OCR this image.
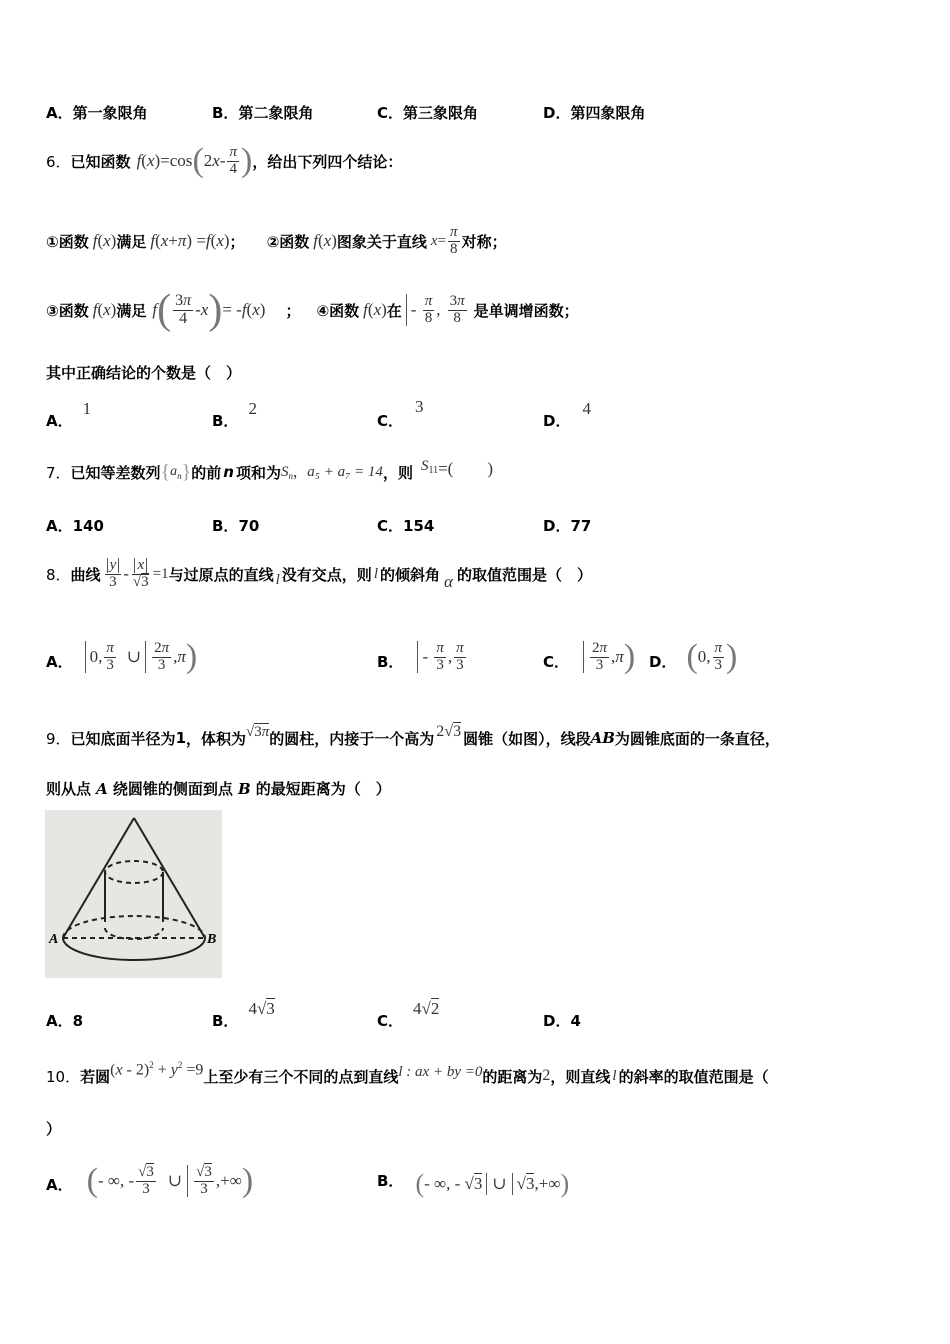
A．第一象限角	B．第二象限角	C．第三象限角	D．第四象限角
6． 已知函数 f ( x )=cos ( 2 x - $\frac{\pi}{4}$ ) ，给出下列四个结论：
①函数 f ( x ) 满足 f ( x + π ) = f ( x ) ； ②函数 f ( x ) 图象关于直线 $x = \frac{\pi}{8}$ 对称；
③函数 f ( x ) 满足 f ( $\frac{3\pi}{4}$ - x ) = - f ( x ) ； ④函数 f ( x ) 在 - $\frac{\pi}{8}$ , $\frac{3\pi}{8}$ 是单调增函数；
其中正确结论的个数是（　）
A．1
B．2
C．3
D．4
7． 已知等差数列 { a n } 的前 n 项和为 S n , a₅ + a₇ = 14 ，则 S 11 =(　　)
A．140	B．70	C．154	D．77
8． 曲线 $\frac{y}{3} - \frac{x}{√3} =1$ 与过原点的直线 l 没有交点，则 l 的倾斜角 α 的取值范围是（　）
A． 0, $\frac{\pi}{3}$ ∪ $\frac{2\pi}{3} ,\pi$ )	B． - $\frac{\pi}{3}$ , $\frac{\pi}{3}$	C． $\frac{2\pi}{3} ,\pi$ ) D． ( 0, $\frac{\pi}{3}$ )
9． 已知底面半径为 1 ，体积为 √3π 的圆柱，内接于一个高为 2√3 圆锥（如图），线段 AB 为圆锥底面的一条直径，
则从点 A 绕圆锥的侧面到点 B 的最短距离为（　）
A	B
A．8	B．4√3
C．4√2
D．4
10． 若圆 $(x - 2)^2 + y^2 =9$ 上至少有三个不同的点到直线 l : ax + by =0 的距离为 2 ，则直线 l 的斜率的取值范围是（
）
A． ( - ∞, - $\frac{√3}{3}$ ∪ $\frac{√3}{3}$ ,+∞ )	B． ( - ∞, - √3 ∪ √3,+∞ )
